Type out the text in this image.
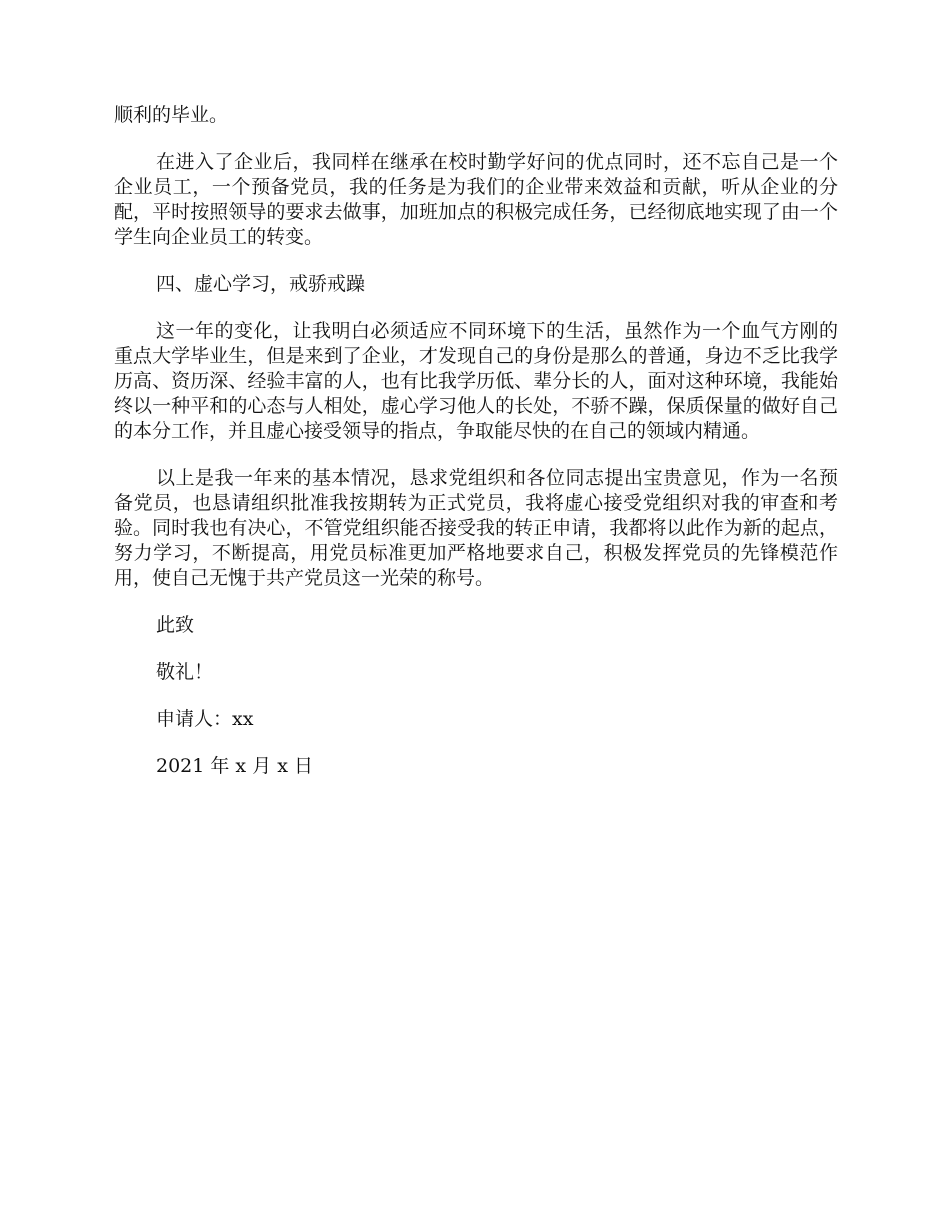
顺利的毕业。

在进入了企业后，我同样在继承在校时勤学好问的优点同时，还不忘自己是一个企业员工，一个预备党员，我的任务是为我们的企业带来效益和贡献，听从企业的分配，平时按照领导的要求去做事，加班加点的积极完成任务，已经彻底地实现了由一个学生向企业员工的转变。

四、虚心学习，戒骄戒躁

这一年的变化，让我明白必须适应不同环境下的生活，虽然作为一个血气方刚的重点大学毕业生，但是来到了企业，才发现自己的身份是那么的普通，身边不乏比我学历高、资历深、经验丰富的人，也有比我学历低、辈分长的人，面对这种环境，我能始终以一种平和的心态与人相处，虚心学习他人的长处，不骄不躁，保质保量的做好自己的本分工作，并且虚心接受领导的指点，争取能尽快的在自己的领域内精通。

以上是我一年来的基本情况，恳求党组织和各位同志提出宝贵意见，作为一名预备党员，也恳请组织批准我按期转为正式党员，我将虚心接受党组织对我的审查和考验。同时我也有决心，不管党组织能否接受我的转正申请，我都将以此作为新的起点，努力学习，不断提高，用党员标准更加严格地要求自己，积极发挥党员的先锋模范作用，使自己无愧于共产党员这一光荣的称号。

此致

敬礼！

申请人：xx

2021 年 x 月 x 日
